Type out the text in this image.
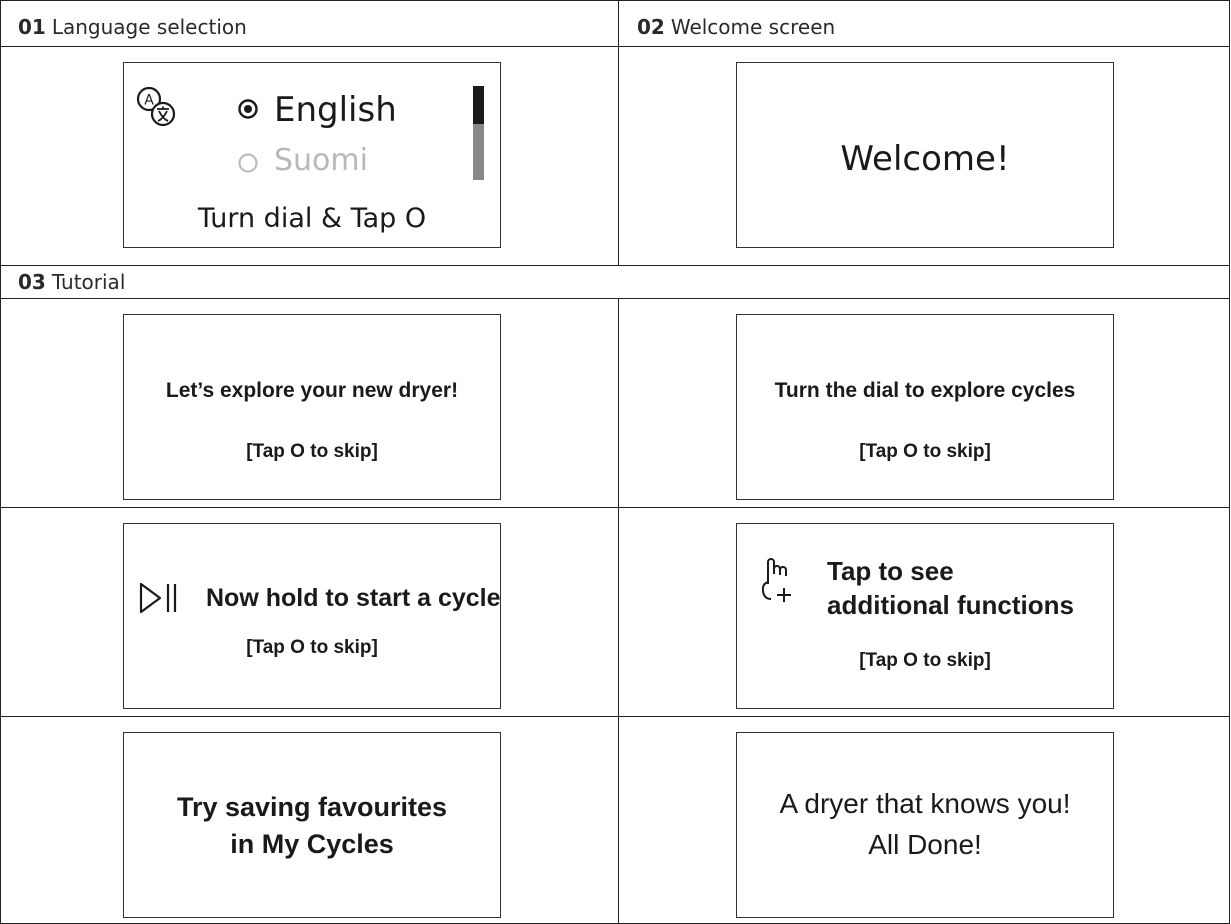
01 Language selection	02 Welcome screen
03 Tutorial
A	English
Suomi
Turn dial & Tap O
Welcome!
Let’s explore your new dryer!
[Tap O to skip]
Turn the dial to explore cycles
[Tap O to skip]
Now hold to start a cycle
[Tap O to skip]
Tap to see
additional functions
[Tap O to skip]
Try saving favourites
in My Cycles
A dryer that knows you!
All Done!
